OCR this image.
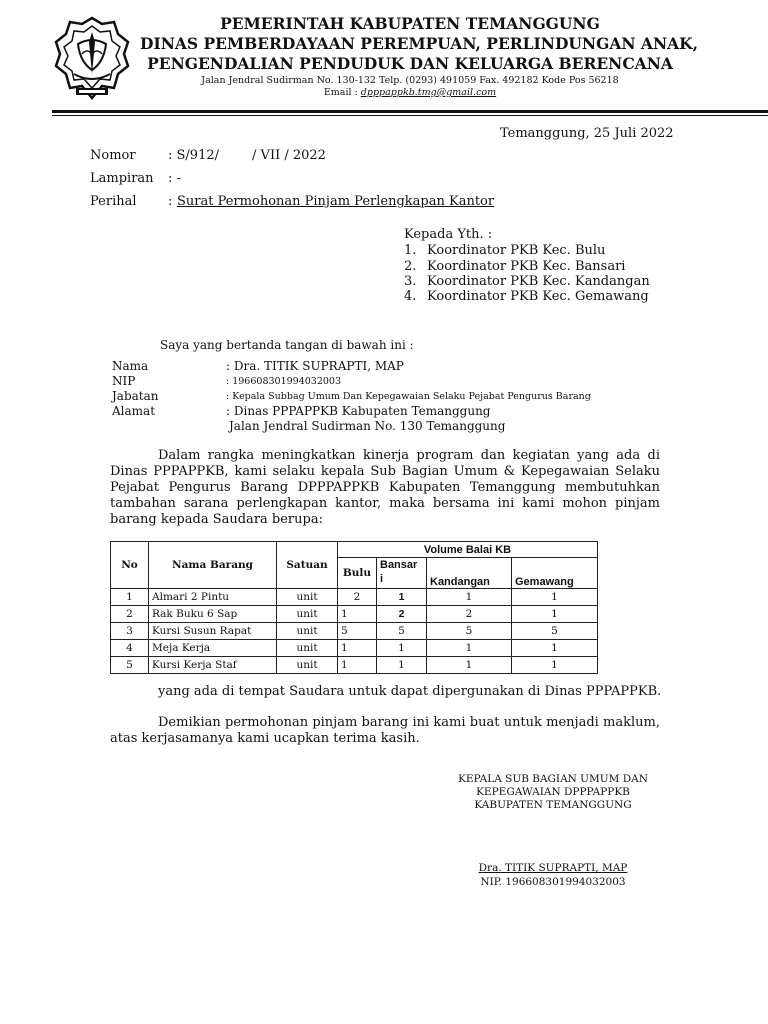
PEMERINTAH KABUPATEN TEMANGGUNG
DINAS PEMBERDAYAAN PEREMPUAN, PERLINDUNGAN ANAK,
PENGENDALIAN PENDUDUK DAN KELUARGA BERENCANA
Jalan Jendral Sudirman No. 130-132 Telp. (0293) 491059 Fax. 492182 Kode Pos 56218
Email : dpppappkb.tmg@gmail.com
Temanggung, 25 Juli 2022
Nomor : S/912/        / VII / 2022
Lampiran : -
Perihal : Surat Permohonan Pinjam Perlengkapan Kantor
Kepada Yth. :
1. Koordinator PKB Kec. Bulu
2. Koordinator PKB Kec. Bansari
3. Koordinator PKB Kec. Kandangan
4. Koordinator PKB Kec. Gemawang
Saya yang bertanda tangan di bawah ini :
Nama	: Dra. TITIK SUPRAPTI, MAP
NIP	: 196608301994032003
Jabatan	: Kepala Subbag Umum Dan Kepegawaian Selaku Pejabat Pengurus Barang
Alamat	: Dinas PPPAPPKB Kabupaten Temanggung
Jalan Jendral Sudirman No. 130 Temanggung
Dalam rangka meningkatkan kinerja program dan kegiatan yang ada di Dinas PPPAPPKB, kami selaku kepala Sub Bagian Umum & Kepegawaian Selaku Pejabat Pengurus Barang DPPPAPPKB Kabupaten Temanggung membutuhkan tambahan sarana perlengkapan kantor, maka bersama ini kami mohon pinjam barang kepada Saudara berupa:
No	Nama Barang	Satuan	Volume Balai KB			
			Bulu	Bansar i	Kandangan	Gemawang
1	Almari 2 Pintu	unit	2	1	1	1
2	Rak Buku 6 Sap	unit	1	2	2	1
3	Kursi Susun Rapat	unit	5	5	5	5
4	Meja Kerja	unit	1	1	1	1
5	Kursi Kerja Staf	unit	1	1	1	1
yang ada di tempat Saudara untuk dapat dipergunakan di Dinas PPPAPPKB.
Demikian permohonan pinjam barang ini kami buat untuk menjadi maklum, atas kerjasamanya kami ucapkan terima kasih.
KEPALA SUB BAGIAN UMUM DAN
KEPEGAWAIAN DPPPAPPKB
KABUPATEN TEMANGGUNG
Dra. TITIK SUPRAPTI, MAP
NIP. 196608301994032003
